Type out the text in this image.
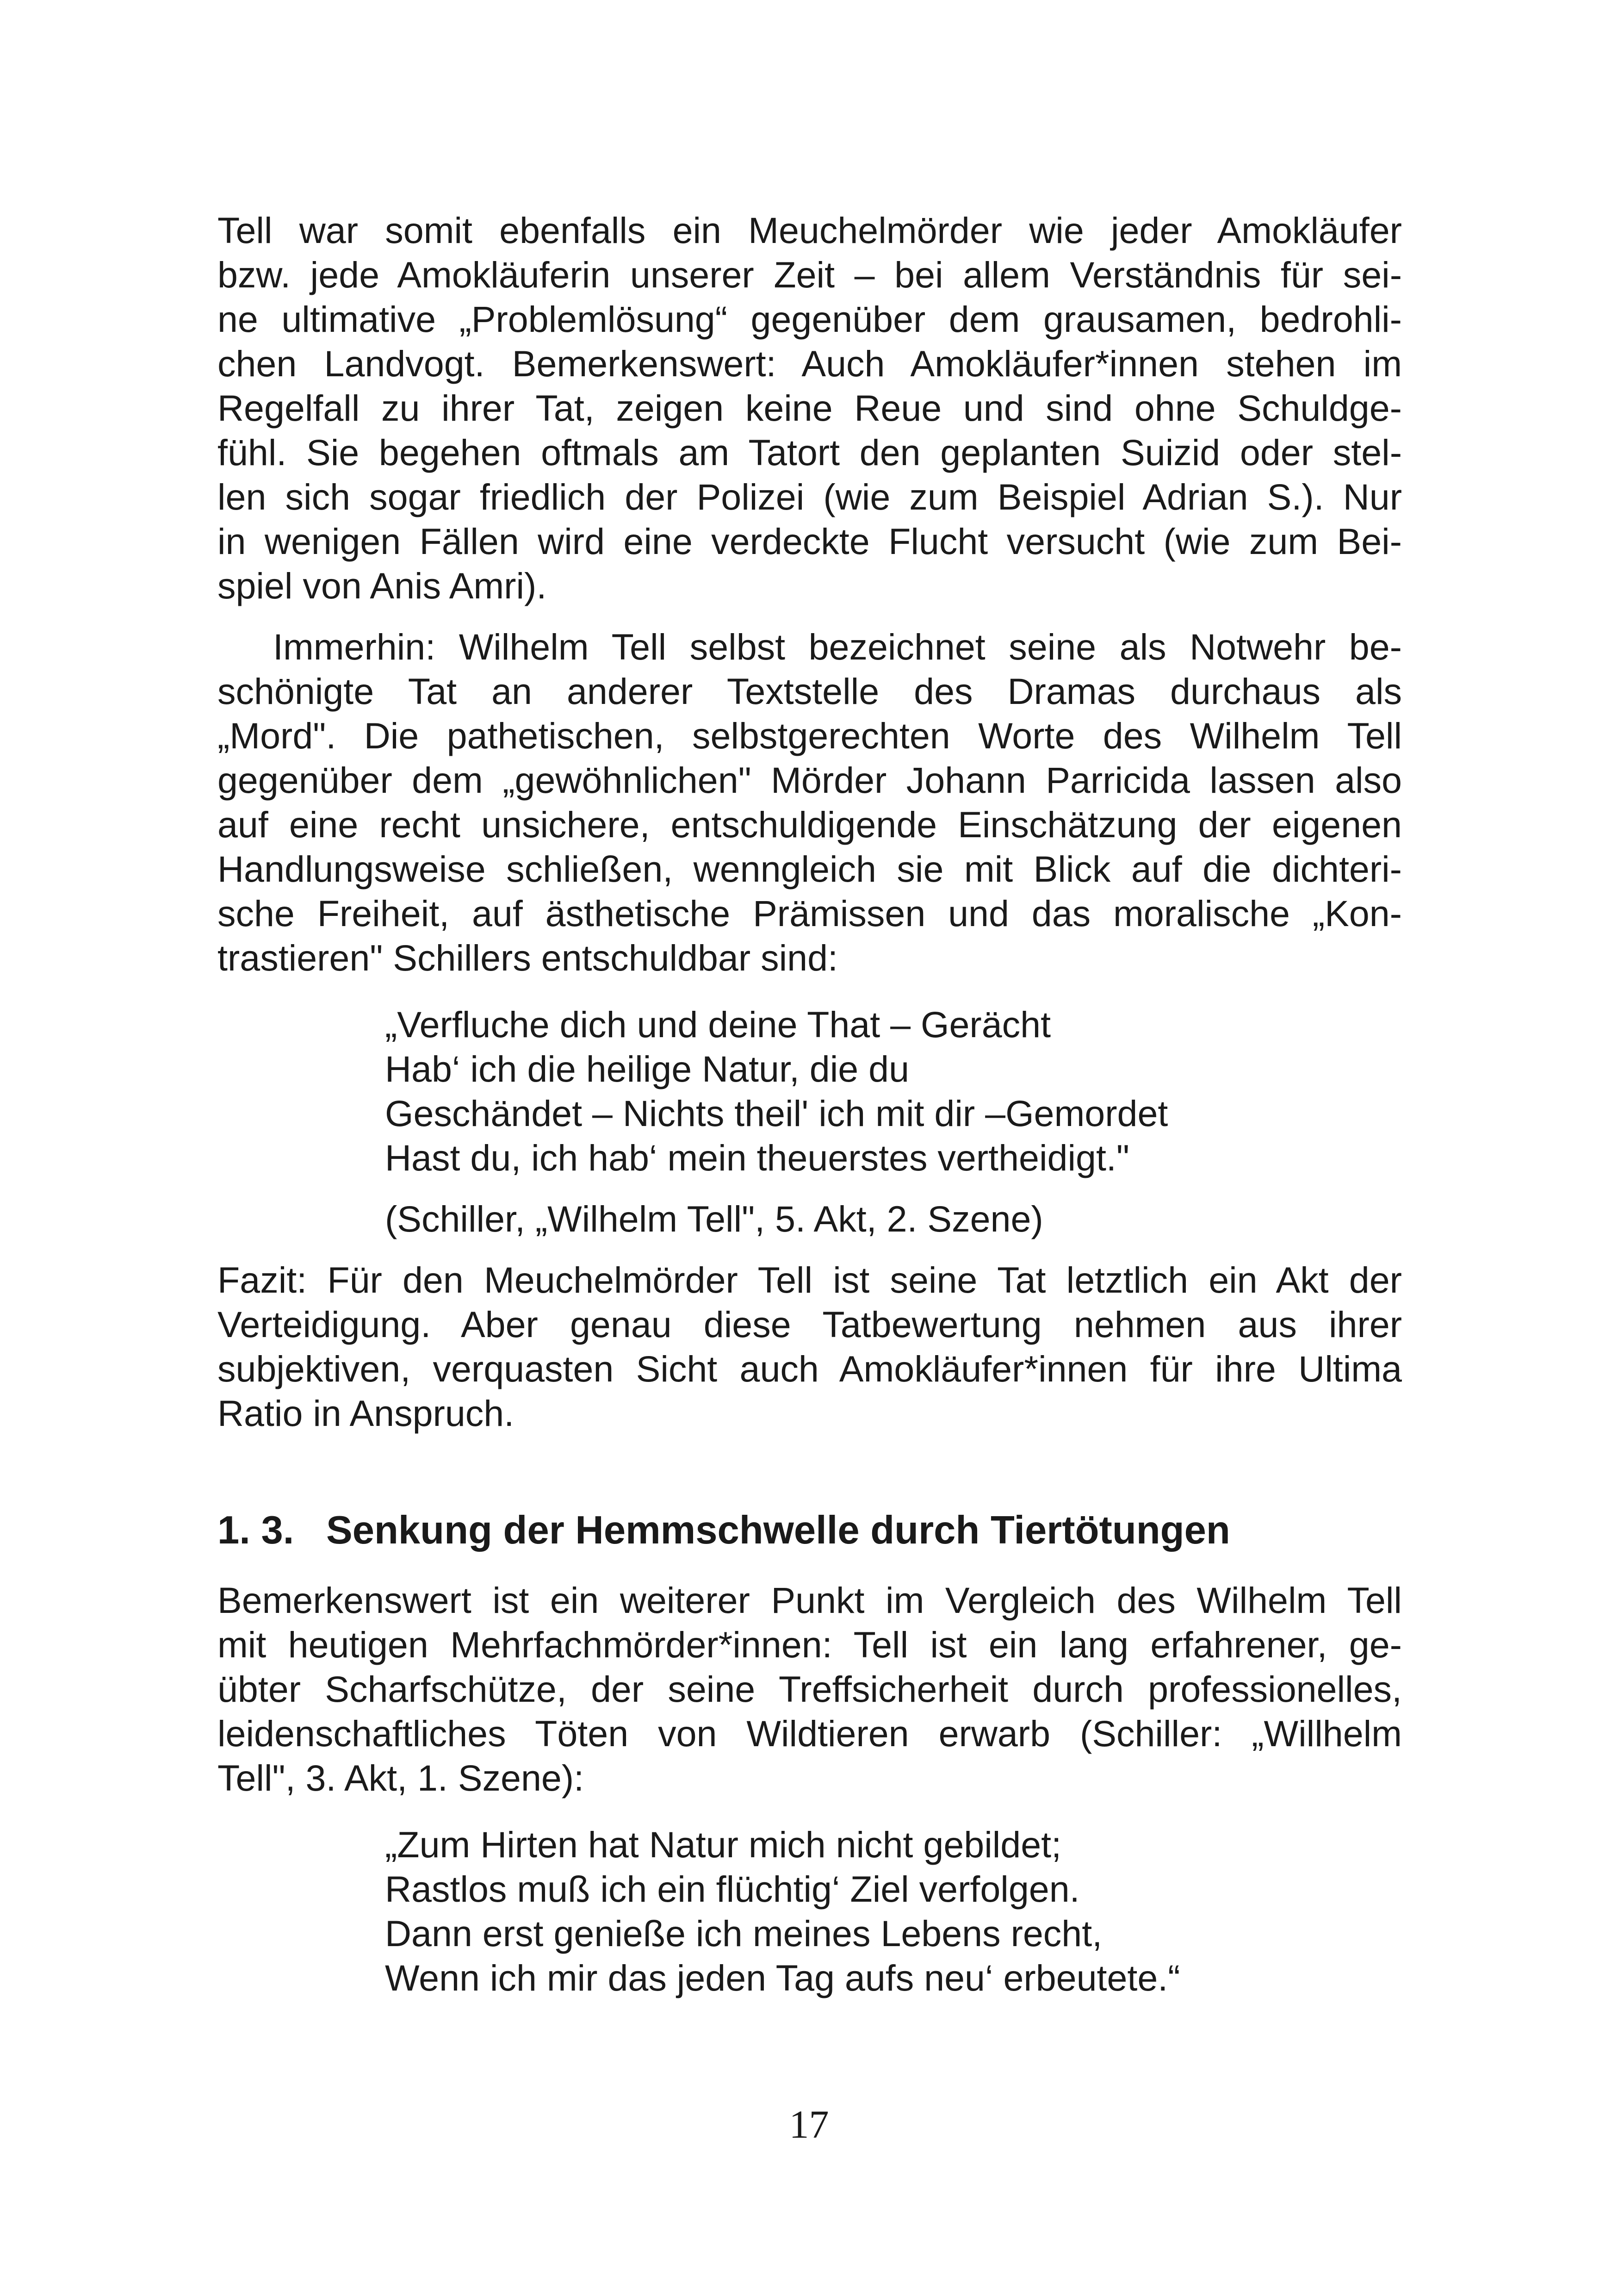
Tell war somit ebenfalls ein Meuchelmörder wie jeder Amokläufer
bzw. jede Amokläuferin unserer Zeit – bei allem Verständnis für sei-
ne ultimative „Problemlösung“ gegenüber dem grausamen, bedrohli-
chen Landvogt. Bemerkenswert: Auch Amokläufer*innen stehen im
Regelfall zu ihrer Tat, zeigen keine Reue und sind ohne Schuldge-
fühl. Sie begehen oftmals am Tatort den geplanten Suizid oder stel-
len sich sogar friedlich der Polizei (wie zum Beispiel Adrian S.). Nur
in wenigen Fällen wird eine verdeckte Flucht versucht (wie zum Bei-
spiel von Anis Amri).
Immerhin: Wilhelm Tell selbst bezeichnet seine als Notwehr be-
schönigte Tat an anderer Textstelle des Dramas durchaus als
„Mord". Die pathetischen, selbstgerechten Worte des Wilhelm Tell
gegenüber dem „gewöhnlichen" Mörder Johann Parricida lassen also
auf eine recht unsichere, entschuldigende Einschätzung der eigenen
Handlungsweise schließen, wenngleich sie mit Blick auf die dichteri-
sche Freiheit, auf ästhetische Prämissen und das moralische „Kon-
trastieren" Schillers entschuldbar sind:
„Verfluche dich und deine That – Gerächt
Hab‘ ich die heilige Natur, die du
Geschändet – Nichts theil' ich mit dir –Gemordet
Hast du, ich hab‘ mein theuerstes vertheidigt."
(Schiller, „Wilhelm Tell", 5. Akt, 2. Szene)
Fazit: Für den Meuchelmörder Tell ist seine Tat letztlich ein Akt der
Verteidigung. Aber genau diese Tatbewertung nehmen aus ihrer
subjektiven, verquasten Sicht auch Amokläufer*innen für ihre Ultima
Ratio in Anspruch.
1. 3. Senkung der Hemmschwelle durch Tiertötungen
Bemerkenswert ist ein weiterer Punkt im Vergleich des Wilhelm Tell
mit heutigen Mehrfachmörder*innen: Tell ist ein lang erfahrener, ge-
übter Scharfschütze, der seine Treffsicherheit durch professionelles,
leidenschaftliches Töten von Wildtieren erwarb (Schiller: „Willhelm
Tell", 3. Akt, 1. Szene):
„Zum Hirten hat Natur mich nicht gebildet;
Rastlos muß ich ein flüchtig‘ Ziel verfolgen.
Dann erst genieße ich meines Lebens recht,
Wenn ich mir das jeden Tag aufs neu‘ erbeutete.“
17
